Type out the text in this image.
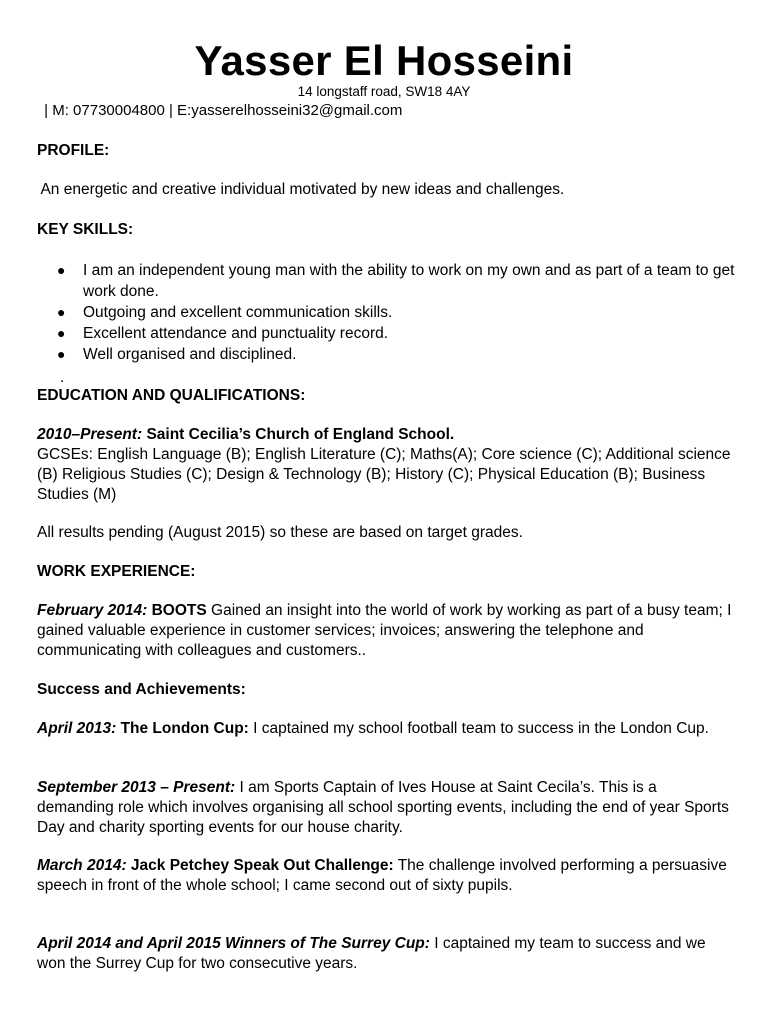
Yasser El Hosseini
14 longstaff road, SW18 4AY
| M: 07730004800 | E:yasserelhosseini32@gmail.com
PROFILE:
An energetic and creative individual motivated by new ideas and challenges.
KEY SKILLS:
● I am an independent young man with the ability to work on my own and as part of a team to get work done.
● Outgoing and excellent communication skills.
● Excellent attendance and punctuality record.
● Well organised and disciplined.
.
EDUCATION AND QUALIFICATIONS:
2010–Present: Saint Cecilia’s Church of England School.
GCSEs: English Language (B); English Literature (C); Maths(A); Core science (C); Additional science (B) Religious Studies (C); Design & Technology (B); History (C); Physical Education (B); Business Studies (M)
All results pending (August 2015) so these are based on target grades.
WORK EXPERIENCE:
February 2014: BOOTS Gained an insight into the world of work by working as part of a busy team; I gained valuable experience in customer services; invoices; answering the telephone and communicating with colleagues and customers..
Success and Achievements:
April 2013: The London Cup: I captained my school football team to success in the London Cup.
September 2013 – Present: I am Sports Captain of Ives House at Saint Cecila’s. This is a demanding role which involves organising all school sporting events, including the end of year Sports Day and charity sporting events for our house charity.
March 2014: Jack Petchey Speak Out Challenge: The challenge involved performing a persuasive speech in front of the whole school; I came second out of sixty pupils.
April 2014 and April 2015 Winners of The Surrey Cup: I captained my team to success and we won the Surrey Cup for two consecutive years.
